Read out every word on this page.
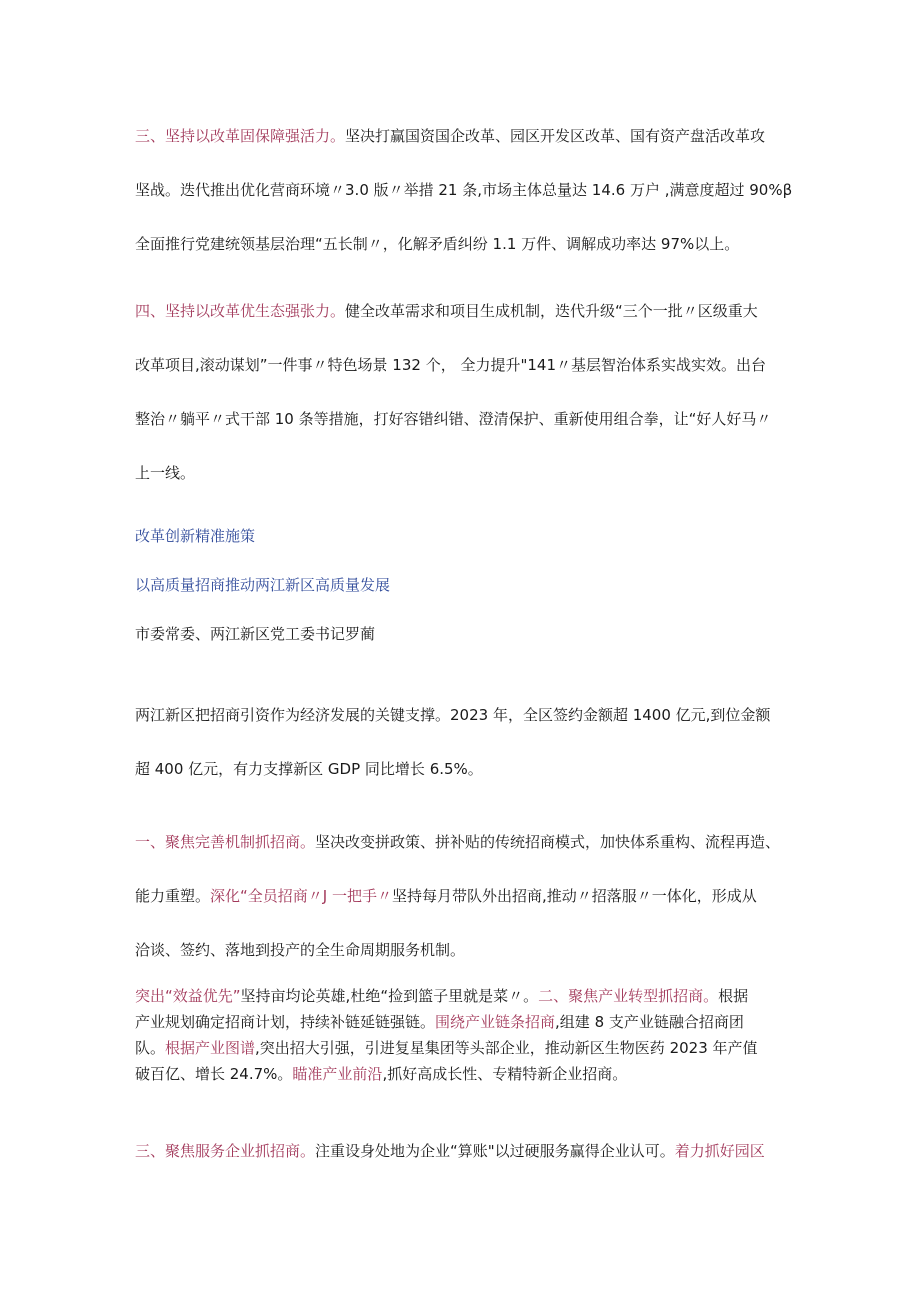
三、坚持以改革固保障强活力。坚决打赢国资国企改革、园区开发区改革、国有资产盘活改革攻
坚战。迭代推出优化营商环境〃3.0 版〃举措 21 条,市场主体总量达 14.6 万户 ,满意度超过 90%β
全面推行党建统领基层治理“五长制〃，化解矛盾纠纷 1.1 万件、调解成功率达 97%以上。
四、坚持以改革优生态强张力。健全改革需求和项目生成机制，迭代升级“三个一批〃区级重大
改革项目,滚动谋划”一件事〃特色场景 132 个， 全力提升"141〃基层智治体系实战实效。出台
整治〃躺平〃式干部 10 条等措施，打好容错纠错、澄清保护、重新使用组合拳，让“好人好马〃
上一线。
改革创新精准施策
以高质量招商推动两江新区高质量发展
市委常委、两江新区党工委书记罗蔺
两江新区把招商引资作为经济发展的关键支撑。2023 年，全区签约金额超 1400 亿元,到位金额
超 400 亿元，有力支撑新区 GDP 同比增长 6.5%。
一、聚焦完善机制抓招商。坚决改变拼政策、拼补贴的传统招商模式，加快体系重构、流程再造、
能力重塑。深化“全员招商〃J 一把手〃坚持每月带队外出招商,推动〃招落服〃一体化，形成从
洽谈、签约、落地到投产的全生命周期服务机制。
突出“效益优先”坚持亩均论英雄,杜绝“捡到篮子里就是菜〃。二、聚焦产业转型抓招商。根据
产业规划确定招商计划，持续补链延链强链。围绕产业链条招商,组建 8 支产业链融合招商团
队。根据产业图谱,突出招大引强，引进复星集团等头部企业，推动新区生物医药 2023 年产值
破百亿、增长 24.7%。瞄准产业前沿,抓好高成长性、专精特新企业招商。
三、聚焦服务企业抓招商。注重设身处地为企业“算账"以过硬服务赢得企业认可。着力抓好园区
